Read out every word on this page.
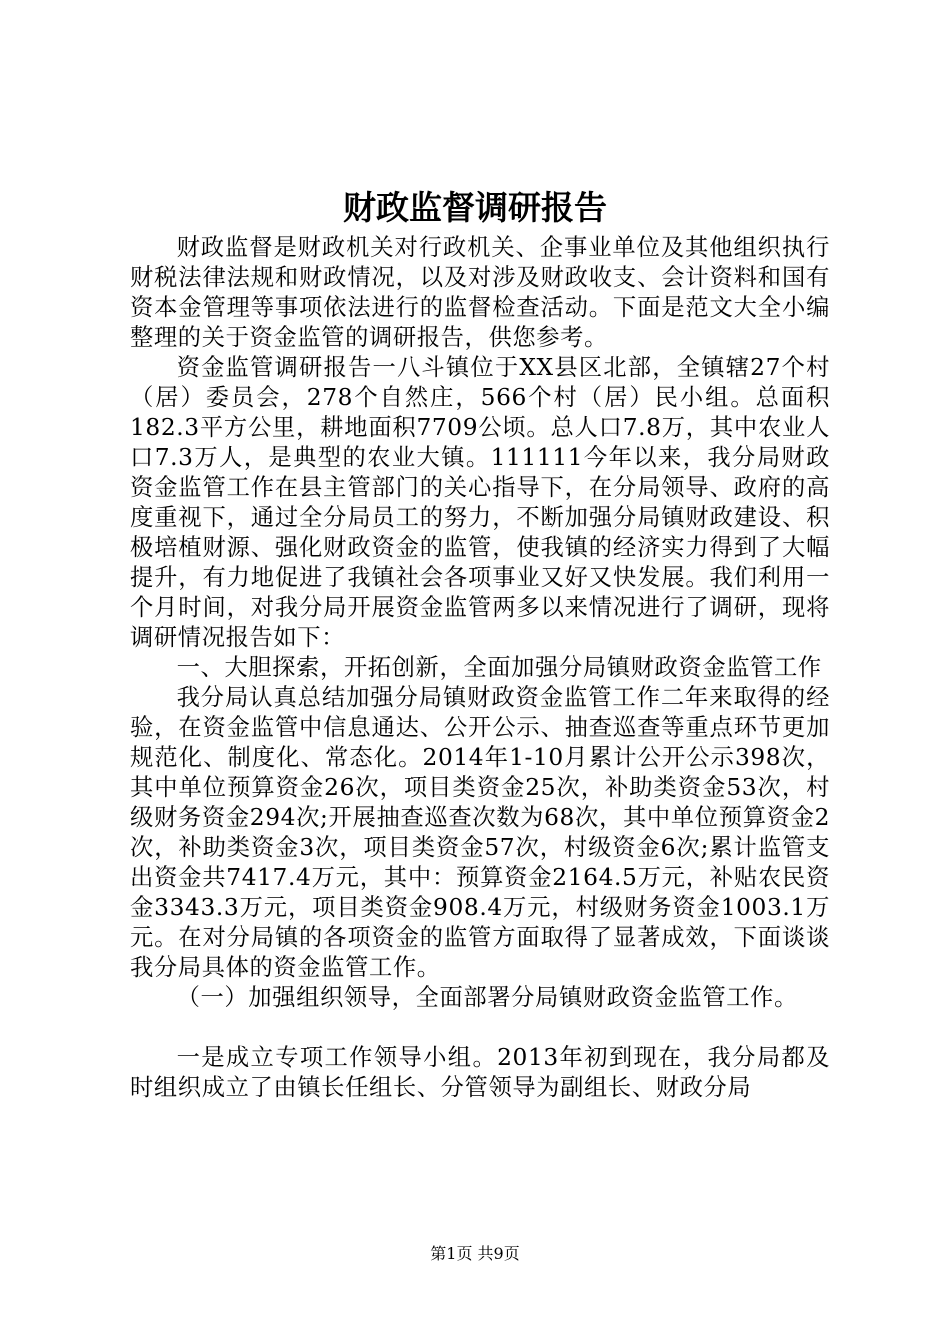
财政监督调研报告

财政监督是财政机关对行政机关、企事业单位及其他组织执行财税法律法规和财政情况，以及对涉及财政收支、会计资料和国有资本金管理等事项依法进行的监督检查活动。下面是范文大全小编整理的关于资金监管的调研报告，供您参考。

资金监管调研报告一八斗镇位于XX县区北部，全镇辖27个村（居）委员会，278个自然庄，566个村（居）民小组。总面积182.3平方公里，耕地面积7709公顷。总人口7.8万，其中农业人口7.3万人，是典型的农业大镇。111111今年以来，我分局财政资金监管工作在县主管部门的关心指导下，在分局领导、政府的高度重视下，通过全分局员工的努力，不断加强分局镇财政建设、积极培植财源、强化财政资金的监管，使我镇的经济实力得到了大幅提升，有力地促进了我镇社会各项事业又好又快发展。我们利用一个月时间，对我分局开展资金监管两多以来情况进行了调研，现将调研情况报告如下：

一、大胆探索，开拓创新，全面加强分局镇财政资金监管工作

我分局认真总结加强分局镇财政资金监管工作二年来取得的经验，在资金监管中信息通达、公开公示、抽查巡查等重点环节更加规范化、制度化、常态化。2014年1-10月累计公开公示398次，其中单位预算资金26次，项目类资金25次，补助类资金53次，村级财务资金294次;开展抽查巡查次数为68次，其中单位预算资金2次，补助类资金3次，项目类资金57次，村级资金6次;累计监管支出资金共7417.4万元，其中：预算资金2164.5万元，补贴农民资金3343.3万元，项目类资金908.4万元，村级财务资金1003.1万元。在对分局镇的各项资金的监管方面取得了显著成效，下面谈谈我分局具体的资金监管工作。

（一）加强组织领导，全面部署分局镇财政资金监管工作。

一是成立专项工作领导小组。2013年初到现在，我分局都及时组织成立了由镇长任组长、分管领导为副组长、财政分局

第1页 共9页
